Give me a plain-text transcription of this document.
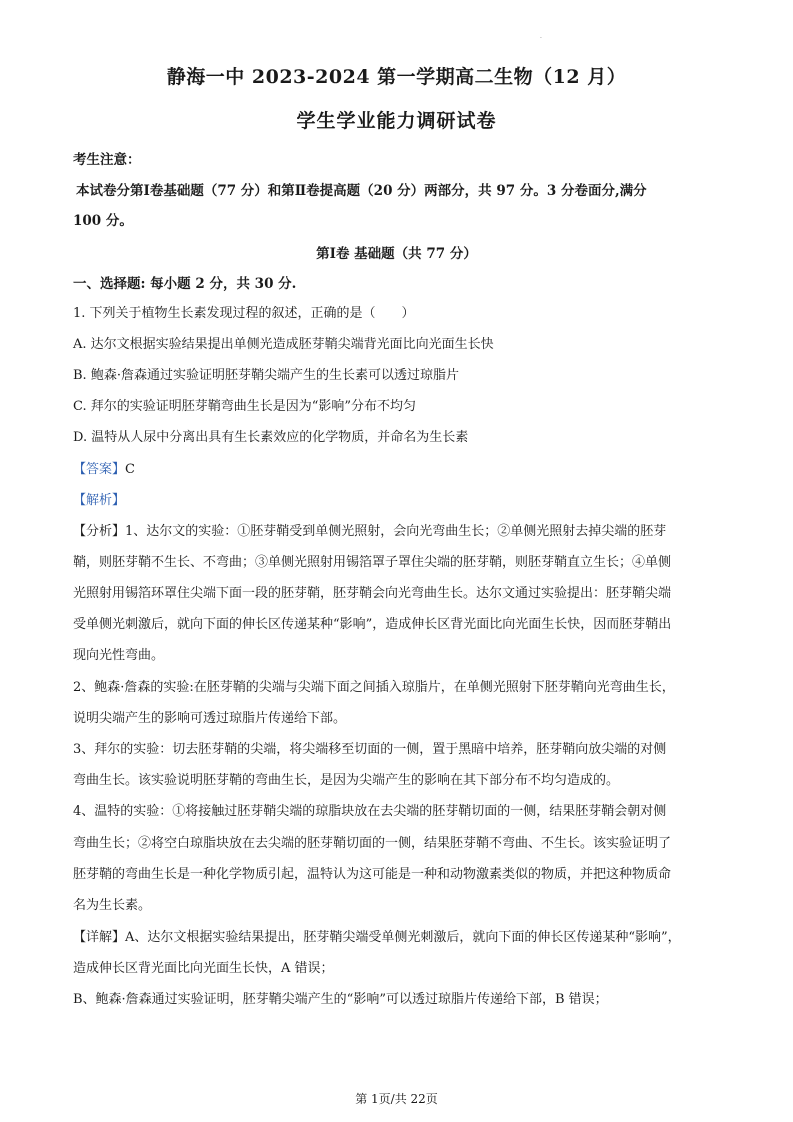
.
静海一中 2023-2024 第一学期高二生物（12 月）
学生学业能力调研试卷
考生注意：
本试卷分第Ⅰ卷基础题（77 分）和第Ⅱ卷提高题（20 分）两部分，共 97 分。3 分卷面分,满分
100 分。
第Ⅰ卷 基础题（共 77 分）
一、选择题: 每小题 2 分，共 30 分.
1. 下列关于植物生长素发现过程的叙述，正确的是（　　）
A. 达尔文根据实验结果提出单侧光造成胚芽鞘尖端背光面比向光面生长快
B. 鲍森·詹森通过实验证明胚芽鞘尖端产生的生长素可以透过琼脂片
C. 拜尔的实验证明胚芽鞘弯曲生长是因为“影响”分布不均匀
D. 温特从人尿中分离出具有生长素效应的化学物质，并命名为生长素
【答案】C
【解析】
【分析】1、达尔文的实验：①胚芽鞘受到单侧光照射，会向光弯曲生长；②单侧光照射去掉尖端的胚芽
鞘，则胚芽鞘不生长、不弯曲；③单侧光照射用锡箔罩子罩住尖端的胚芽鞘，则胚芽鞘直立生长；④单侧
光照射用锡箔环罩住尖端下面一段的胚芽鞘，胚芽鞘会向光弯曲生长。达尔文通过实验提出：胚芽鞘尖端
受单侧光刺激后，就向下面的伸长区传递某种“影响”，造成伸长区背光面比向光面生长快，因而胚芽鞘出
现向光性弯曲。
2、鲍森·詹森的实验:在胚芽鞘的尖端与尖端下面之间插入琼脂片，在单侧光照射下胚芽鞘向光弯曲生长，
说明尖端产生的影响可透过琼脂片传递给下部。
3、拜尔的实验：切去胚芽鞘的尖端，将尖端移至切面的一侧，置于黑暗中培养，胚芽鞘向放尖端的对侧
弯曲生长。该实验说明胚芽鞘的弯曲生长，是因为尖端产生的影响在其下部分布不均匀造成的。
4、温特的实验：①将接触过胚芽鞘尖端的琼脂块放在去尖端的胚芽鞘切面的一侧，结果胚芽鞘会朝对侧
弯曲生长；②将空白琼脂块放在去尖端的胚芽鞘切面的一侧，结果胚芽鞘不弯曲、不生长。该实验证明了
胚芽鞘的弯曲生长是一种化学物质引起，温特认为这可能是一种和动物激素类似的物质，并把这种物质命
名为生长素。
【详解】A、达尔文根据实验结果提出，胚芽鞘尖端受单侧光刺激后，就向下面的伸长区传递某种“影响”，
造成伸长区背光面比向光面生长快，A 错误；
B、鲍森·詹森通过实验证明，胚芽鞘尖端产生的“影响”可以透过琼脂片传递给下部，B 错误；
第 1页/共 22页
